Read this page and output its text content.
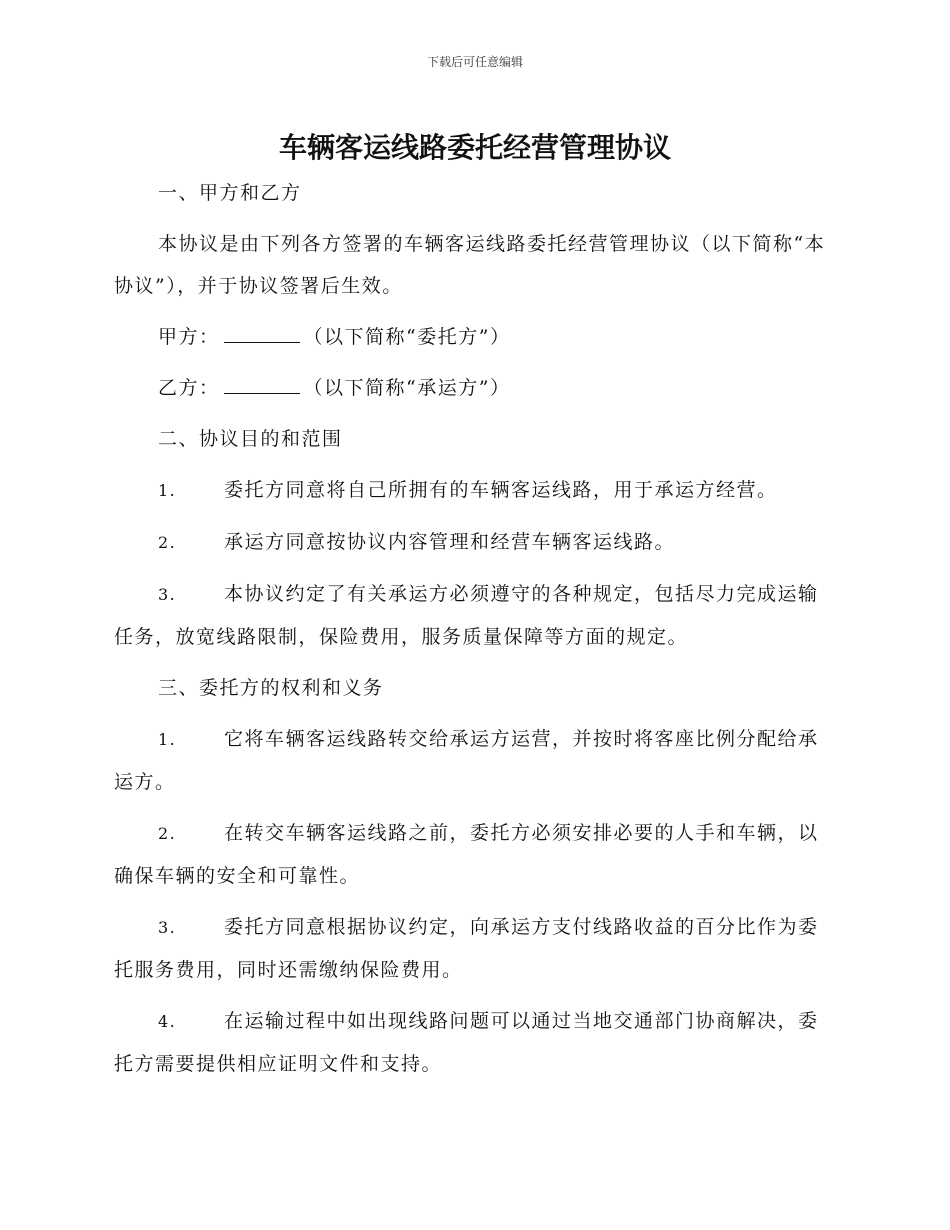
下载后可任意编辑
车辆客运线路委托经营管理协议

一、甲方和乙方

本协议是由下列各方签署的车辆客运线路委托经营管理协议（以下简称“本协议”），并于协议签署后生效。

甲方：	（以下简称“委托方”）

乙方：	（以下简称“承运方”）

二、协议目的和范围

1.	委托方同意将自己所拥有的车辆客运线路，用于承运方经营。

2.	承运方同意按协议内容管理和经营车辆客运线路。

3.	本协议约定了有关承运方必须遵守的各种规定，包括尽力完成运输任务，放宽线路限制，保险费用，服务质量保障等方面的规定。

三、委托方的权利和义务

1.	它将车辆客运线路转交给承运方运营，并按时将客座比例分配给承运方。

2.	在转交车辆客运线路之前，委托方必须安排必要的人手和车辆，以确保车辆的安全和可靠性。

3.	委托方同意根据协议约定，向承运方支付线路收益的百分比作为委托服务费用，同时还需缴纳保险费用。

4.	在运输过程中如出现线路问题可以通过当地交通部门协商解决，委托方需要提供相应证明文件和支持。
